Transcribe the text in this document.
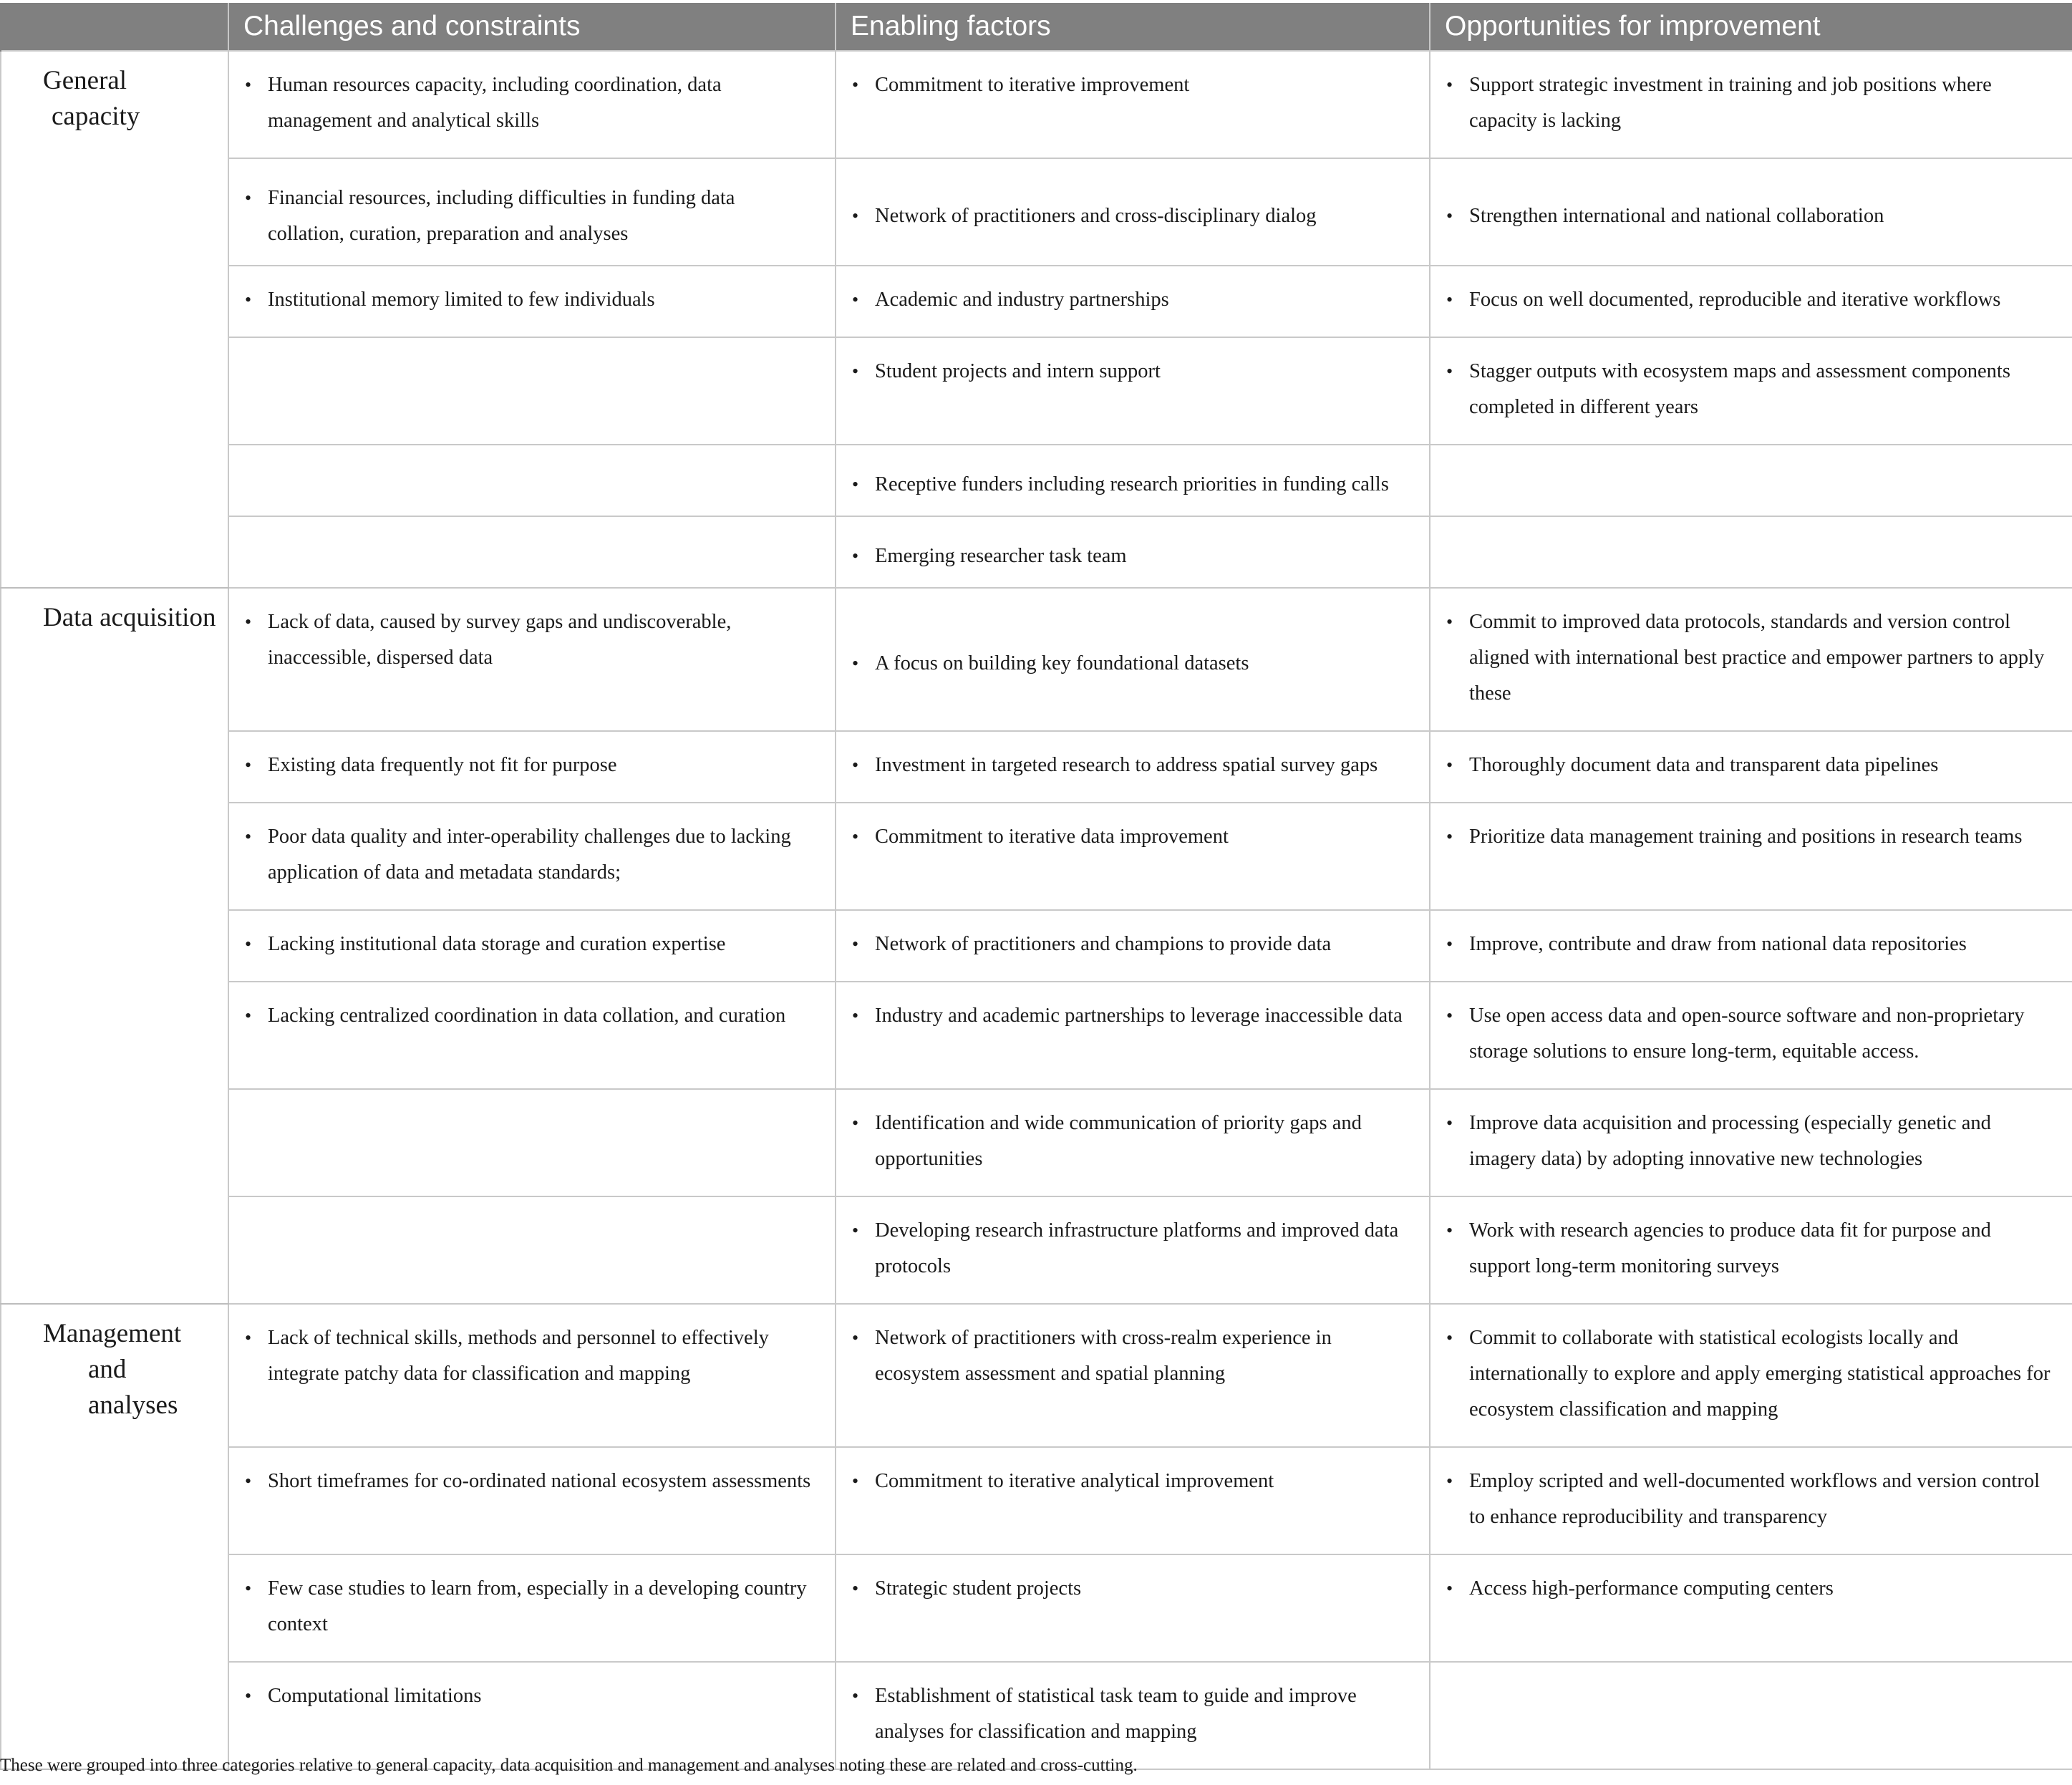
	Challenges and constraints	Enabling factors	Opportunities for improvement

General
capacity	• Human resources capacity, including coordination, data management and analytical skills	• Commitment to iterative improvement	• Support strategic investment in training and job positions where capacity is lacking

	• Financial resources, including difficulties in funding data collation, curation, preparation and analyses	• Network of practitioners and cross-disciplinary dialog	• Strengthen international and national collaboration

	• Institutional memory limited to few individuals	• Academic and industry partnerships	• Focus on well documented, reproducible and iterative workflows

		• Student projects and intern support	• Stagger outputs with ecosystem maps and assessment components completed in different years

		• Receptive funders including research priorities in funding calls

		• Emerging researcher task team

Data acquisition	• Lack of data, caused by survey gaps and undiscoverable, inaccessible, dispersed data	• A focus on building key foundational datasets	• Commit to improved data protocols, standards and version control aligned with international best practice and empower partners to apply these

	• Existing data frequently not fit for purpose	• Investment in targeted research to address spatial survey gaps	• Thoroughly document data and transparent data pipelines

	• Poor data quality and inter-operability challenges due to lacking application of data and metadata standards;	• Commitment to iterative data improvement	• Prioritize data management training and positions in research teams

	• Lacking institutional data storage and curation expertise	• Network of practitioners and champions to provide data	• Improve, contribute and draw from national data repositories

	• Lacking centralized coordination in data collation, and curation	• Industry and academic partnerships to leverage inaccessible data	• Use open access data and open-source software and non-proprietary storage solutions to ensure long-term, equitable access.

		• Identification and wide communication of priority gaps and opportunities	• Improve data acquisition and processing (especially genetic and imagery data) by adopting innovative new technologies

		• Developing research infrastructure platforms and improved data protocols	• Work with research agencies to produce data fit for purpose and support long-term monitoring surveys

Management
and
analyses	• Lack of technical skills, methods and personnel to effectively integrate patchy data for classification and mapping	• Network of practitioners with cross-realm experience in ecosystem assessment and spatial planning	• Commit to collaborate with statistical ecologists locally and internationally to explore and apply emerging statistical approaches for ecosystem classification and mapping

	• Short timeframes for co-ordinated national ecosystem assessments	• Commitment to iterative analytical improvement	• Employ scripted and well-documented workflows and version control to enhance reproducibility and transparency

	• Few case studies to learn from, especially in a developing country context	• Strategic student projects	• Access high-performance computing centers

	• Computational limitations	• Establishment of statistical task team to guide and improve analyses for classification and mapping

These were grouped into three categories relative to general capacity, data acquisition and management and analyses noting these are related and cross-cutting.
